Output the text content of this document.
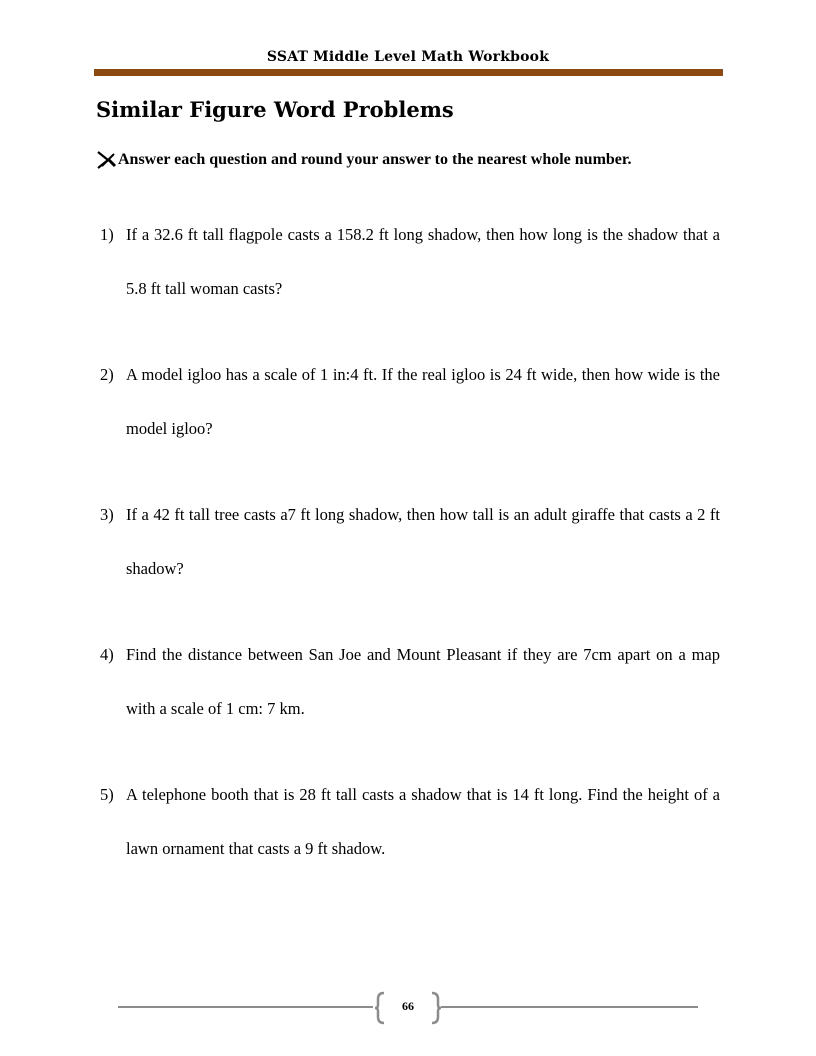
SSAT Middle Level Math Workbook
Similar Figure Word Problems
Answer each question and round your answer to the nearest whole number.
1) If a 32.6 ft tall flagpole casts a 158.2 ft long shadow, then how long is the shadow that a 5.8 ft tall woman casts?
2) A model igloo has a scale of 1 in:4 ft. If the real igloo is 24 ft wide, then how wide is the model igloo?
3) If a 42 ft tall tree casts a7 ft long shadow, then how tall is an adult giraffe that casts a 2 ft shadow?
4) Find the distance between San Joe and Mount Pleasant if they are 7cm apart on a map with a scale of 1 cm: 7 km.
5) A telephone booth that is 28 ft tall casts a shadow that is 14 ft long. Find the height of a lawn ornament that casts a 9 ft shadow.
66
